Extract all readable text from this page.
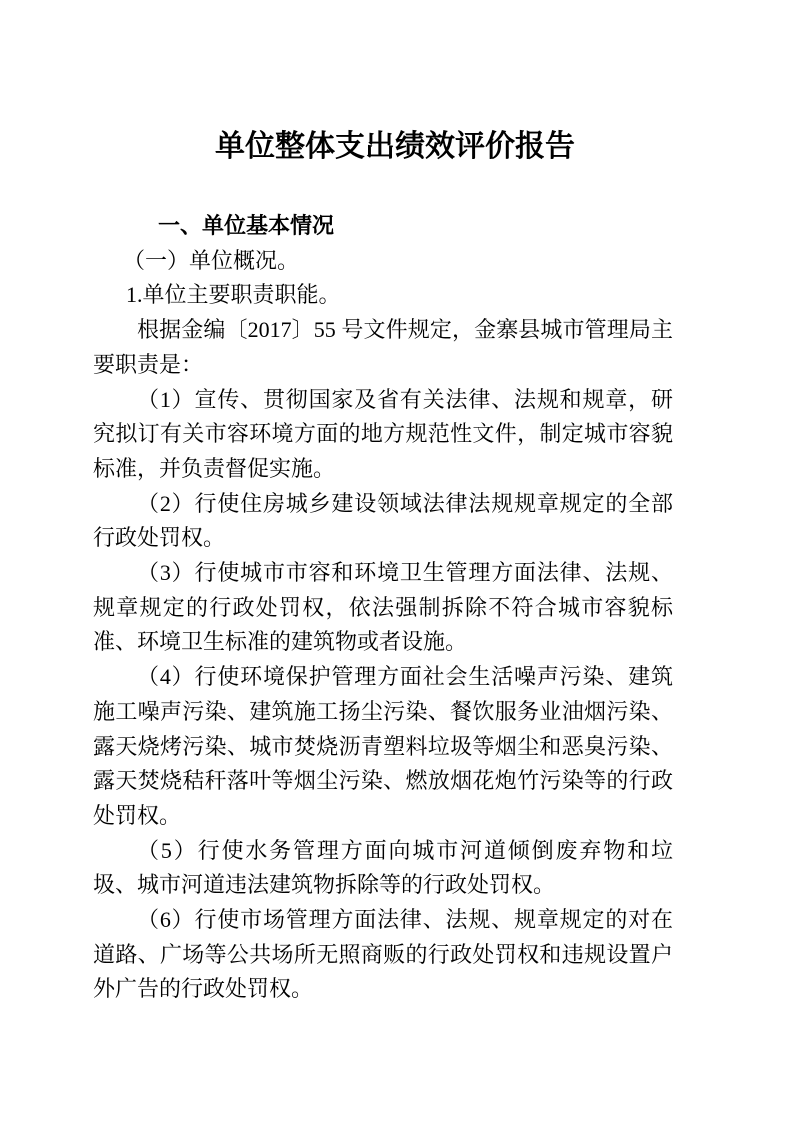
单位整体支出绩效评价报告
一、单位基本情况

（一）单位概况。

1.单位主要职责职能。

根据金编〔2017〕55 号文件规定，金寨县城市管理局主要职责是：

（1）宣传、贯彻国家及省有关法律、法规和规章，研究拟订有关市容环境方面的地方规范性文件，制定城市容貌标准，并负责督促实施。

（2）行使住房城乡建设领域法律法规规章规定的全部行政处罚权。

（3）行使城市市容和环境卫生管理方面法律、法规、规章规定的行政处罚权，依法强制拆除不符合城市容貌标准、环境卫生标准的建筑物或者设施。

（4）行使环境保护管理方面社会生活噪声污染、建筑施工噪声污染、建筑施工扬尘污染、餐饮服务业油烟污染、露天烧烤污染、城市焚烧沥青塑料垃圾等烟尘和恶臭污染、露天焚烧秸秆落叶等烟尘污染、燃放烟花炮竹污染等的行政处罚权。

（5）行使水务管理方面向城市河道倾倒废弃物和垃圾、城市河道违法建筑物拆除等的行政处罚权。

（6）行使市场管理方面法律、法规、规章规定的对在道路、广场等公共场所无照商贩的行政处罚权和违规设置户外广告的行政处罚权。
